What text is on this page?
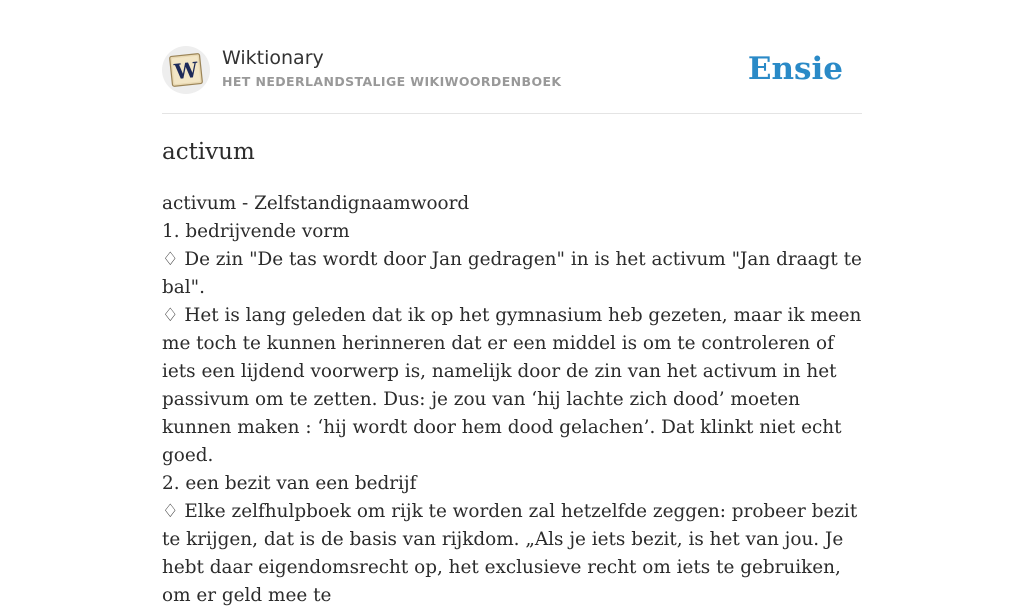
W Wiktionary
HET NEDERLANDSTALIGE WIKIWOORDENBOEK	Ensie
activum

activum - Zelfstandignaamwoord

1. bedrijvende vorm

♢ De zin "De tas wordt door Jan gedragen" in is het activum "Jan draagt te bal".

♢ Het is lang geleden dat ik op het gymnasium heb gezeten, maar ik meen me toch te kunnen herinneren dat er een middel is om te controleren of iets een lijdend voorwerp is, namelijk door de zin van het activum in het passivum om te zetten. Dus: je zou van ‘hij lachte zich dood’ moeten kunnen maken : ‘hij wordt door hem dood gelachen’. Dat klinkt niet echt goed.

2. een bezit van een bedrijf

♢ Elke zelfhulpboek om rijk te worden zal hetzelfde zeggen: probeer bezit te krijgen, dat is de basis van rijkdom. „Als je iets bezit, is het van jou. Je hebt daar eigendomsrecht op, het exclusieve recht om iets te gebruiken, om er geld mee te
